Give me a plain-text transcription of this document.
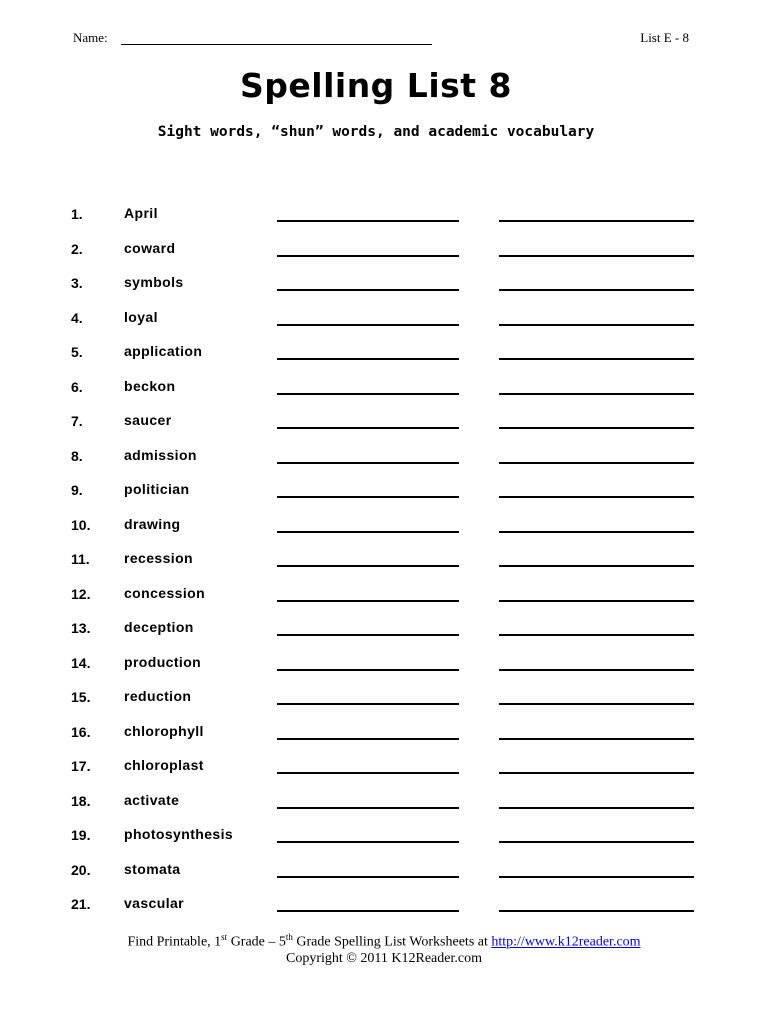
Name:	List E - 8
Spelling List 8
Sight words, “shun” words, and academic vocabulary
1.	April
2.	coward
3.	symbols
4.	loyal
5.	application
6.	beckon
7.	saucer
8.	admission
9.	politician
10. drawing
11. recession
12. concession
13. deception
14. production
15. reduction
16. chlorophyll
17. chloroplast
18. activate
19. photosynthesis
20. stomata
21. vascular
Find Printable, 1st Grade – 5th Grade Spelling List Worksheets at http://www.k12reader.com
Copyright © 2011 K12Reader.com
